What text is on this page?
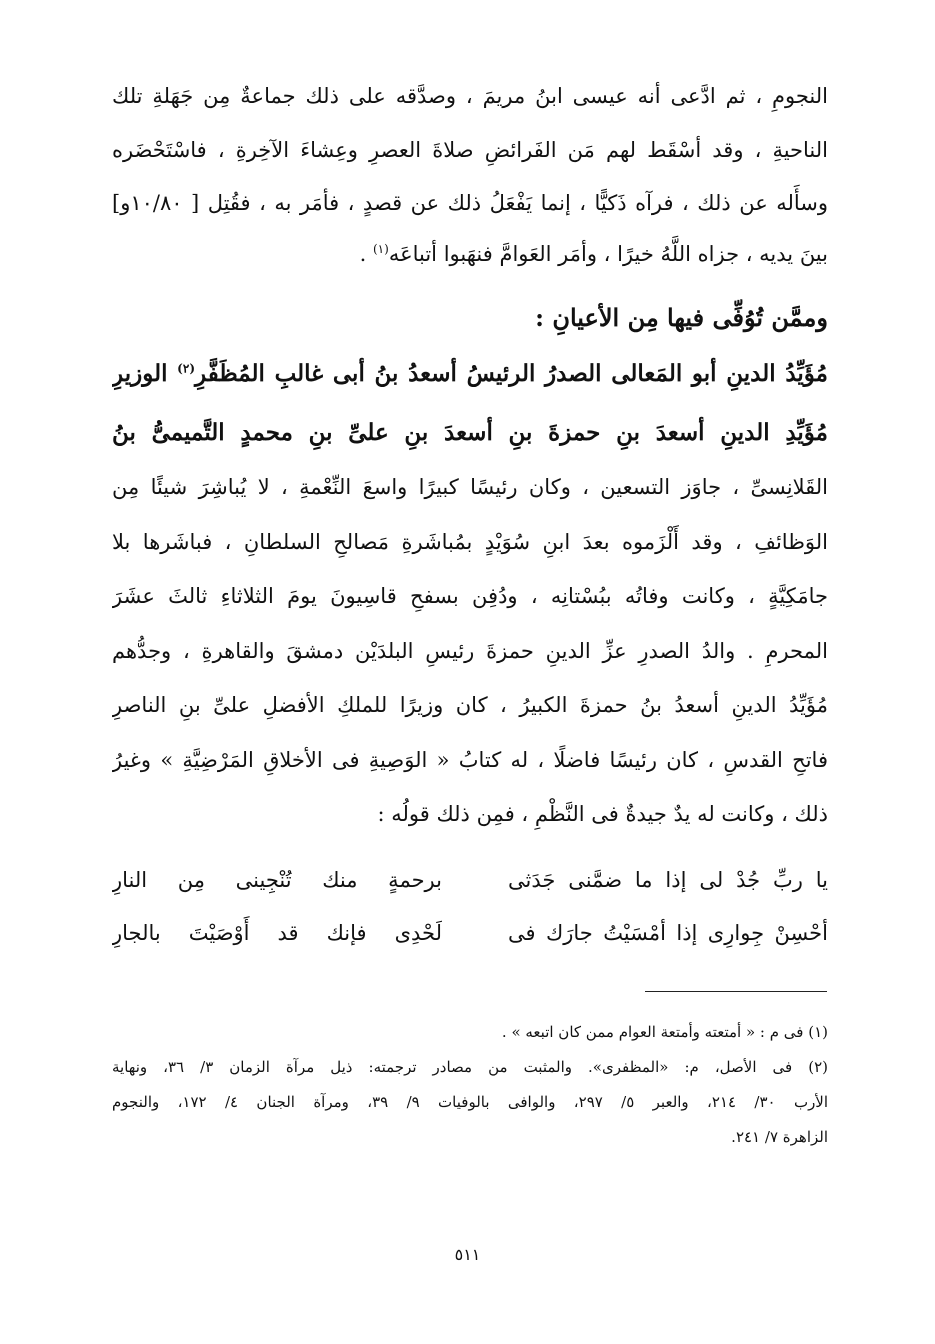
النجومِ ، ثم ادَّعى أنه عيسى ابنُ مريمَ ، وصدَّقه على ذلك جماعةٌ مِن جَهَلةِ تلك
الناحيةِ ، وقد أسْقَط لهم مَن الفَرائضِ صلاةَ العصرِ وعِشاءَ الآخِرةِ ، فاسْتَحْضَره
وسأَله عن ذلك ، فرآه ذَكيًّا ، إنما يَفْعَلُ ذلك عن قصدٍ ، فأمَر به ، فقُتِل [ ١٠/٨٠و]
بينَ يديه ، جزاه اللَّهُ خيرًا ، وأمَر العَوامَّ فنهَبوا أتباعَه$^{(١)}$ .
وممَّن تُوُفِّى فيها مِن الأعيانِ :
مُؤَيِّدُ الدينِ أبو المَعالى الصدرُ الرئيسُ أسعدُ بنُ أبى غالبِ المُظَفَّرِ$^{(٢)}$ الوزيرِ
مُؤَيِّدِ الدينِ أسعدَ بنِ حمزةَ بنِ أسعدَ بنِ علىِّ بنِ محمدٍ التَّميمىُّ بنُ
القَلانِسىِّ ، جاوَز التسعين ، وكان رئيسًا كبيرًا واسعَ النِّعْمةِ ، لا يُباشِرَ شيئًا مِن
الوَظائفِ ، وقد أَلْزَموه بعدَ ابنِ سُوَيْدٍ بمُباشَرةِ مَصالحِ السلطانِ ، فباشَرها بلا
جامَكِيَّةٍ ، وكانت وفاتُه ببُسْتانِه ، ودُفِن بسفحِ قاسِيونَ يومَ الثلاثاءِ ثالثَ عشَرَ
المحرمِ . والدُ الصدرِ عزِّ الدينِ حمزةَ رئيسِ البلدَيْن دمشقَ والقاهرةِ ، وجدُّهم
مُؤَيِّدُ الدينِ أسعدُ بنُ حمزةَ الكبيرُ ، كان وزيرًا للملكِ الأفضلِ علىِّ بنِ الناصرِ
فاتحِ القدسِ ، كان رئيسًا فاضلًا ، له كتابُ « الوَصِيةِ فى الأخلاقِ المَرْضِيَّةِ » وغيرُ
ذلك ، وكانت له يدٌ جيدةٌ فى النَّظْمِ ، فمِن ذلك قولُه :
يا ربِّ جُدْ لى إذا ما ضمَّنى جَدَثى
برحمةٍ منك تُنْجِينى مِن النارِ
أحْسِنْ جِوارِى إذا أمْسَيْتُ جارَك فى
لَحْدِى فإنك قد أَوْصَيْتَ بالجارِ
(١) فى م : « أمتعته وأمتعة العوام ممن كان اتبعه » .
(٢) فى الأصل، م: «المظفرى». والمثبت من مصادر ترجمته: ذيل مرآة الزمان ٣/ ٣٦، ونهاية
الأرب ٣٠/ ٢١٤، والعبر ٥/ ٢٩٧، والوافى بالوفيات ٩/ ٣٩، ومرآة الجنان ٤/ ١٧٢، والنجوم
الزاهرة ٧/ ٢٤١.
٥١١
